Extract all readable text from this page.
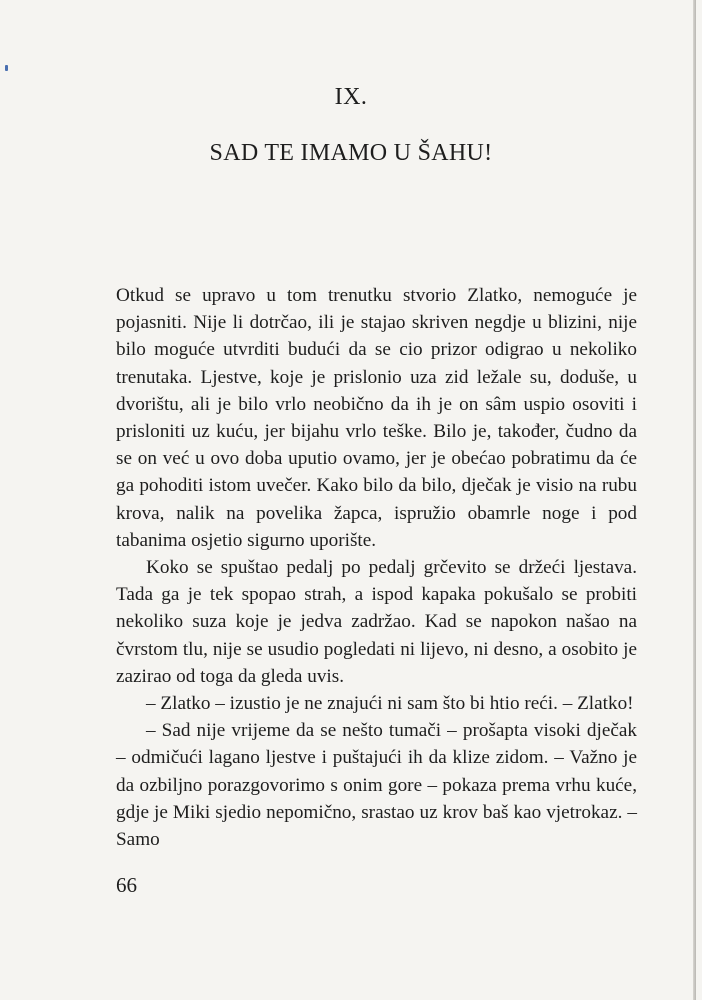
IX.
SAD TE IMAMO U ŠAHU!

Otkud se upravo u tom trenutku stvorio Zlatko, nemoguće je pojasniti. Nije li dotrčao, ili je stajao skriven negdje u blizini, nije bilo moguće utvrditi budući da se cio prizor odigrao u nekoliko trenutaka. Ljestve, koje je prislonio uza zid ležale su, doduše, u dvorištu, ali je bilo vrlo neobično da ih je on sâm uspio osoviti i prisloniti uz kuću, jer bijahu vrlo teške. Bilo je, također, čudno da se on već u ovo doba uputio ovamo, jer je obećao pobratimu da će ga pohoditi istom uvečer. Kako bilo da bilo, dječak je visio na rubu krova, nalik na povelika žapca, ispružio obamrle noge i pod tabanima osjetio sigurno uporište.

Koko se spuštao pedalj po pedalj grčevito se držeći ljestava. Tada ga je tek spopao strah, a ispod kapaka pokušalo se probiti nekoliko suza koje je jedva zadržao. Kad se napokon našao na čvrstom tlu, nije se usudio pogledati ni lijevo, ni desno, a osobito je zazirao od toga da gleda uvis.

– Zlatko – izustio je ne znajući ni sam što bi htio reći. – Zlatko!

– Sad nije vrijeme da se nešto tumači – prošapta visoki dječak – odmičući lagano ljestve i puštajući ih da klize zidom. – Važno je da ozbiljno porazgovorimo s onim gore – pokaza prema vrhu kuće, gdje je Miki sjedio nepomično, srastao uz krov baš kao vjetrokaz. – Samo

66
